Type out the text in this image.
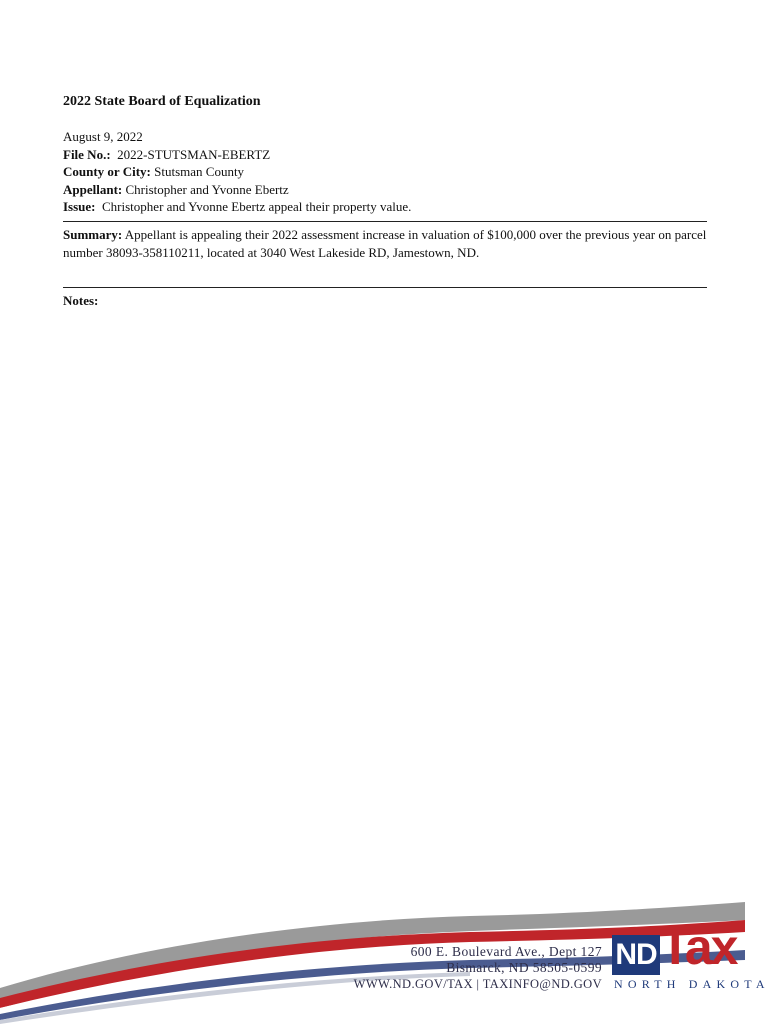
2022 State Board of Equalization
August 9, 2022
File No.: 2022-STUTSMAN-EBERTZ
County or City: Stutsman County
Appellant: Christopher and Yvonne Ebertz
Issue: Christopher and Yvonne Ebertz appeal their property value.
Summary: Appellant is appealing their 2022 assessment increase in valuation of $100,000 over the previous year on parcel number 38093-358110211, located at 3040 West Lakeside RD, Jamestown, ND.
Notes:
600 E. Boulevard Ave., Dept 127
Bismarck, ND 58505-0599
WWW.ND.GOV/TAX | TAXINFO@ND.GOV
ND Tax
NORTH DAKOTA
